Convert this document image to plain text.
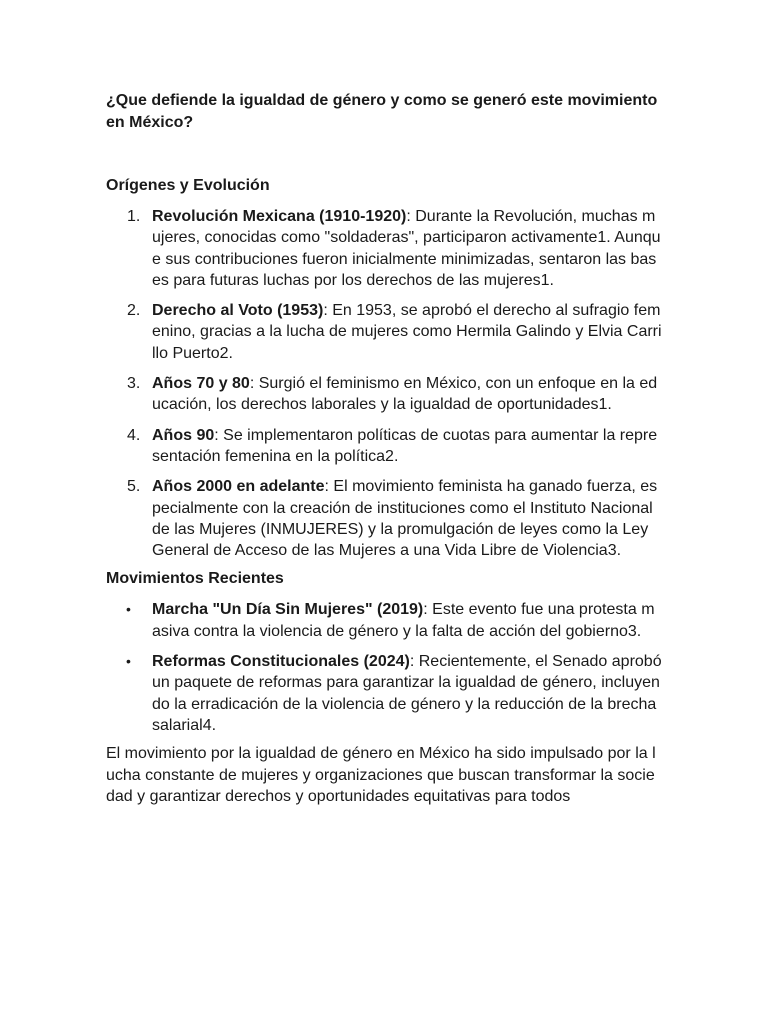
¿Que defiende la igualdad de género y como se generó este movimiento en México?

Orígenes y Evolución

1. Revolución Mexicana (1910-1920): Durante la Revolución, muchas mujeres, conocidas como "soldaderas", participaron activamente1. Aunque sus contribuciones fueron inicialmente minimizadas, sentaron las bases para futuras luchas por los derechos de las mujeres1.
2. Derecho al Voto (1953): En 1953, se aprobó el derecho al sufragio femenino, gracias a la lucha de mujeres como Hermila Galindo y Elvia Carrillo Puerto2.
3. Años 70 y 80: Surgió el feminismo en México, con un enfoque en la educación, los derechos laborales y la igualdad de oportunidades1.
4. Años 90: Se implementaron políticas de cuotas para aumentar la representación femenina en la política2.
5. Años 2000 en adelante: El movimiento feminista ha ganado fuerza, especialmente con la creación de instituciones como el Instituto Nacional de las Mujeres (INMUJERES) y la promulgación de leyes como la Ley General de Acceso de las Mujeres a una Vida Libre de Violencia3.

Movimientos Recientes

• Marcha "Un Día Sin Mujeres" (2019): Este evento fue una protesta masiva contra la violencia de género y la falta de acción del gobierno3.
• Reformas Constitucionales (2024): Recientemente, el Senado aprobó un paquete de reformas para garantizar la igualdad de género, incluyendo la erradicación de la violencia de género y la reducción de la brecha salarial4.

El movimiento por la igualdad de género en México ha sido impulsado por la lucha constante de mujeres y organizaciones que buscan transformar la sociedad y garantizar derechos y oportunidades equitativas para todos
